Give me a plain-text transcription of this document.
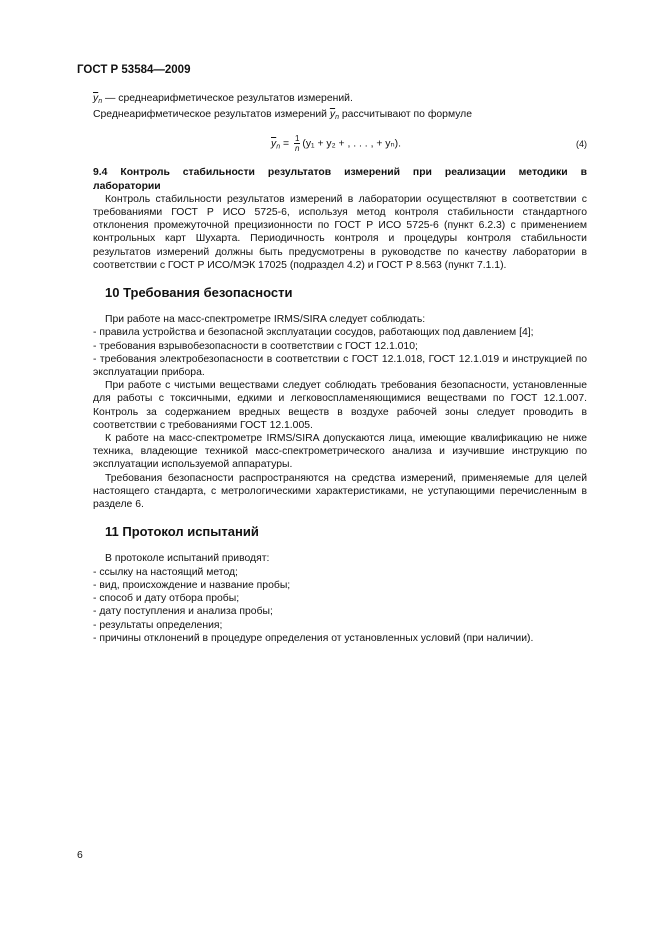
ГОСТ Р 53584—2009

$\overline{y}_n$ — среднеарифметическое результатов измерений.

Среднеарифметическое результатов измерений $\overline{y}_n$ рассчитывают по формуле

$\overline{y}_n = \frac{1}{n} (y_1 + y_2$ + , . . . , + yₙ).	(4)

9.4 Контроль стабильности результатов измерений при реализации методики в лаборатории

Контроль стабильности результатов измерений в лаборатории осуществляют в соответствии с требованиями ГОСТ Р ИСО 5725-6, используя метод контроля стабильности стандартного отклонения промежуточной прецизионности по ГОСТ Р ИСО 5725-6 (пункт 6.2.3) с применением контрольных карт Шухарта. Периодичность контроля и процедуры контроля стабильности результатов измерений должны быть предусмотрены в руководстве по качеству лаборатории в соответствии с ГОСТ Р ИСО/МЭК 17025 (подраздел 4.2) и ГОСТ Р 8.563 (пункт 7.1.1).

10 Требования безопасности

При работе на масс-спектрометре IRMS/SIRA следует соблюдать:

- правила устройства и безопасной эксплуатации сосудов, работающих под давлением [4];

- требования взрывобезопасности в соответствии с ГОСТ 12.1.010;

- требования электробезопасности в соответствии с ГОСТ 12.1.018, ГОСТ 12.1.019 и инструкцией по эксплуатации прибора.

При работе с чистыми веществами следует соблюдать требования безопасности, установленные для работы с токсичными, едкими и легковоспламеняющимися веществами по ГОСТ 12.1.007. Контроль за содержанием вредных веществ в воздухе рабочей зоны следует проводить в соответствии с требованиями ГОСТ 12.1.005.

К работе на масс-спектрометре IRMS/SIRA допускаются лица, имеющие квалификацию не ниже техника, владеющие техникой масс-спектрометрического анализа и изучившие инструкцию по эксплуатации используемой аппаратуры.

Требования безопасности распространяются на средства измерений, применяемые для целей настоящего стандарта, с метрологическими характеристиками, не уступающими перечисленным в разделе 6.

11 Протокол испытаний

В протоколе испытаний приводят:

- ссылку на настоящий метод;

- вид, происхождение и название пробы;

- способ и дату отбора пробы;

- дату поступления и анализа пробы;

- результаты определения;

- причины отклонений в процедуре определения от установленных условий (при наличии).

6
